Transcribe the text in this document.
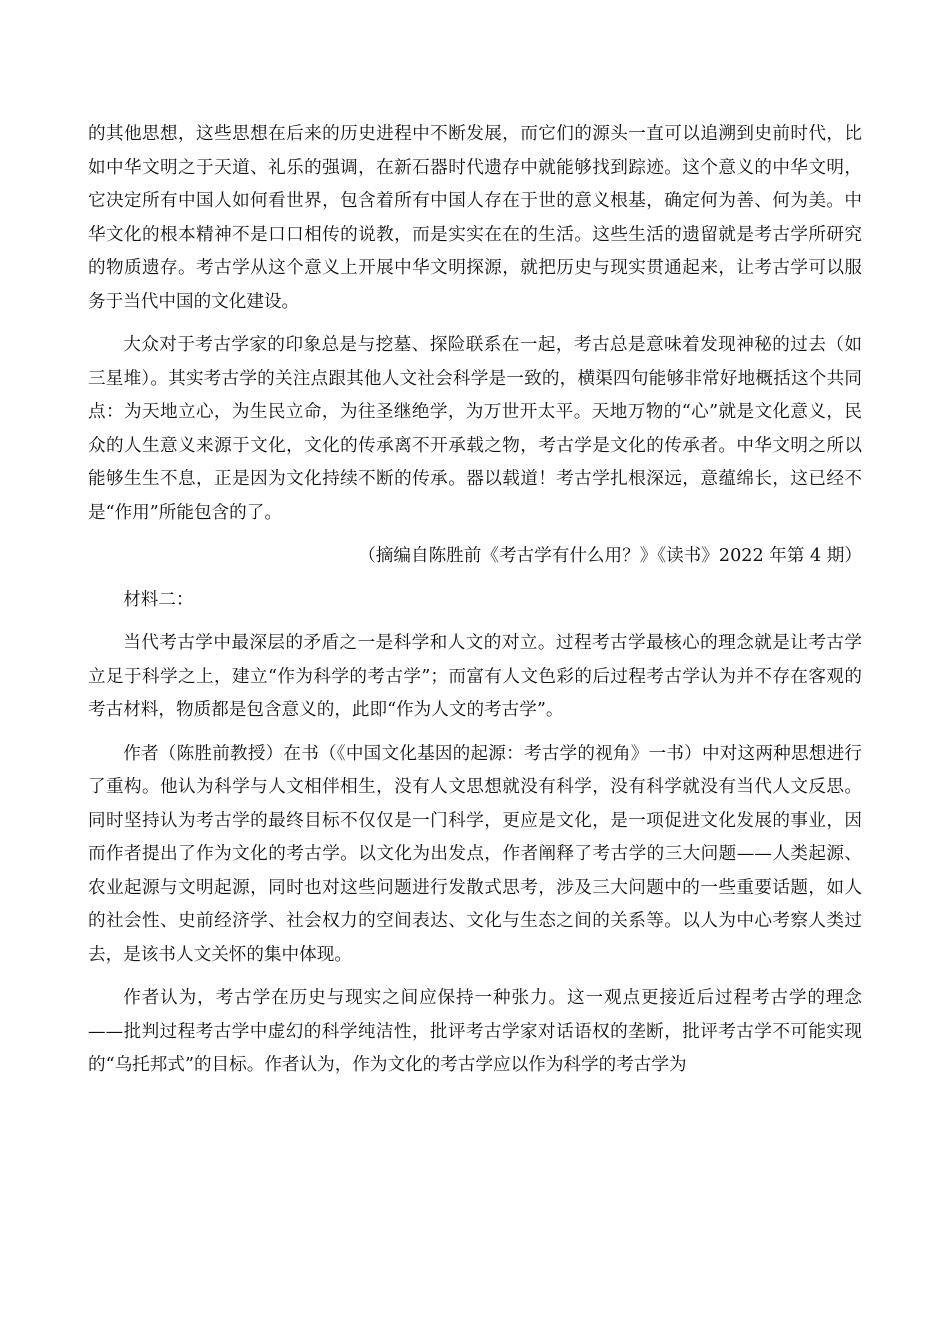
的其他思想，这些思想在后来的历史进程中不断发展，而它们的源头一直可以追溯到史前时代，比如中华文明之于天道、礼乐的强调，在新石器时代遗存中就能够找到踪迹。这个意义的中华文明，它决定所有中国人如何看世界，包含着所有中国人存在于世的意义根基，确定何为善、何为美。中华文化的根本精神不是口口相传的说教，而是实实在在的生活。这些生活的遗留就是考古学所研究的物质遗存。考古学从这个意义上开展中华文明探源，就把历史与现实贯通起来，让考古学可以服务于当代中国的文化建设。

大众对于考古学家的印象总是与挖墓、探险联系在一起，考古总是意味着发现神秘的过去（如三星堆）。其实考古学的关注点跟其他人文社会科学是一致的，横渠四句能够非常好地概括这个共同点：为天地立心，为生民立命，为往圣继绝学，为万世开太平。天地万物的“心”就是文化意义，民众的人生意义来源于文化，文化的传承离不开承载之物，考古学是文化的传承者。中华文明之所以能够生生不息，正是因为文化持续不断的传承。器以载道！考古学扎根深远，意蕴绵长，这已经不是“作用”所能包含的了。

（摘编自陈胜前《考古学有什么用？》《读书》2022 年第 4 期）

材料二：

当代考古学中最深层的矛盾之一是科学和人文的对立。过程考古学最核心的理念就是让考古学立足于科学之上，建立“作为科学的考古学”；而富有人文色彩的后过程考古学认为并不存在客观的考古材料，物质都是包含意义的，此即“作为人文的考古学”。

作者（陈胜前教授）在书（《中国文化基因的起源：考古学的视角》一书）中对这两种思想进行了重构。他认为科学与人文相伴相生，没有人文思想就没有科学，没有科学就没有当代人文反思。同时坚持认为考古学的最终目标不仅仅是一门科学，更应是文化，是一项促进文化发展的事业，因而作者提出了作为文化的考古学。以文化为出发点，作者阐释了考古学的三大问题——人类起源、农业起源与文明起源，同时也对这些问题进行发散式思考，涉及三大问题中的一些重要话题，如人的社会性、史前经济学、社会权力的空间表达、文化与生态之间的关系等。以人为中心考察人类过去，是该书人文关怀的集中体现。

作者认为，考古学在历史与现实之间应保持一种张力。这一观点更接近后过程考古学的理念——批判过程考古学中虚幻的科学纯洁性，批评考古学家对话语权的垄断，批评考古学不可能实现的“乌托邦式”的目标。作者认为，作为文化的考古学应以作为科学的考古学为
